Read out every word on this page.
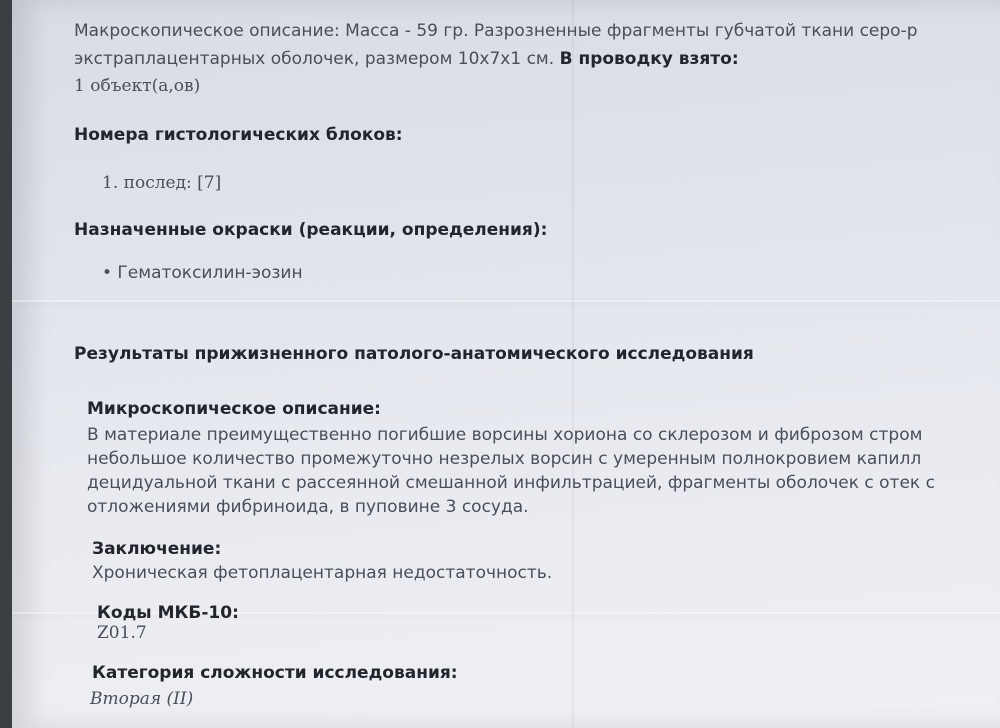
Макроскопическое описание: Масса - 59 гр. Разрозненные фрагменты губчатой ткани серо-р
экстраплацентарных оболочек, размером 10х7х1 см. В проводку взято:
1 объект(а,ов)
Номера гистологических блоков:
1. послед: [7]
Назначенные окраски (реакции, определения):
• Гематоксилин-эозин
Результаты прижизненного патолого-анатомического исследования
Микроскопическое описание:
В материале преимущественно погибшие ворсины хориона со склерозом и фиброзом стром
небольшое количество промежуточно незрелых ворсин с умеренным полнокровием капилл
децидуальной ткани с рассеянной смешанной инфильтрацией, фрагменты оболочек с отек с
отложениями фибриноида, в пуповине 3 сосуда.
Заключение:
Хроническая фетоплацентарная недостаточность.
Коды МКБ-10:
Z01.7
Категория сложности исследования:
Вторая (II)
